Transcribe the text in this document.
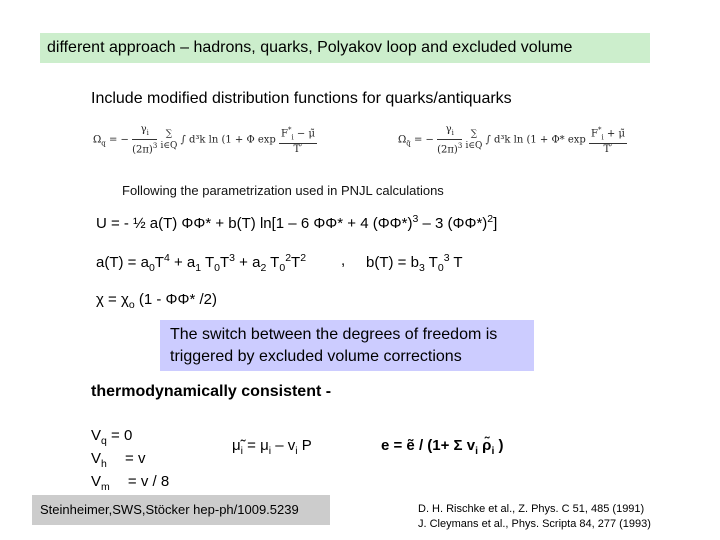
different approach – hadrons, quarks, Polyakov loop and excluded volume
Include modified distribution functions for quarks/antiquarks
$\Omega_q$ = − $\frac{\gamma_i}{(2\pi)^3}$
∑
i∈Q
∫ d³k ln (1 + Φ $\exp \frac{F^*_i - \mũ}{T'}$	$\Omega_{q̄}$ = − $\frac{\gamma_i}{(2\pi)^3}$
∑
i∈Q
∫ d³k ln (1 + Φ* $\exp \frac{F^*_i + \mũ}{T'}$
Following the parametrization used in PNJL calculations
U = - ½ a(T) ΦΦ* + b(T) ln[1 – 6 ΦΦ* + 4 $(\Phi\Phi*)^3 - 3$ $(\Phi\Phi*)^2$]
$a(T) = a_0T^4 + a_1$ $T_0T^3 + a_2$ $T_0^2T^2$ , $b(T) = b_3$ $T_0^3$ T
$\chi = \chi_o$ (1 - ΦΦ* /2)
The switch between the degrees of freedom is triggered by excluded volume corrections
thermodynamically consistent -
$V_q = 0$
$V_h = v$
$V_m = v / 8$
$\mũ_i = \mu_i - v_i$ P	e = ẽ / (1+ Σ $v_i$ $\rhõ_i$ )
Steinheimer,SWS,Stöcker hep-ph/1009.5239	D. H. Rischke et al., Z. Phys. C 51, 485 (1991)
J. Cleymans et al., Phys. Scripta 84, 277 (1993)
